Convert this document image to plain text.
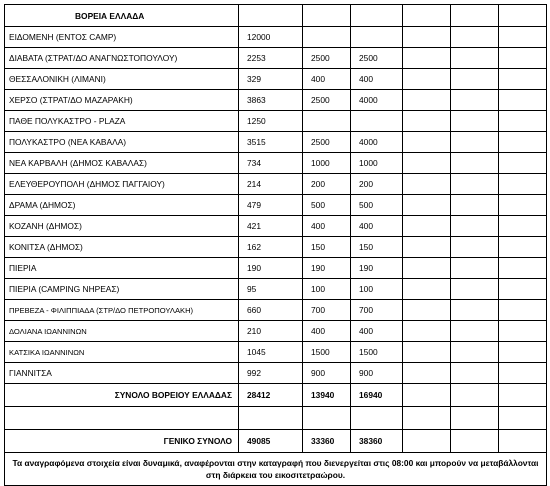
ΒΟΡΕΙΑ ΕΛΛΑΔΑ						
ΕΙΔΟΜΕΝΗ (ΕΝΤΟΣ CAMP)	12000					
ΔΙΑΒΑΤΑ (ΣΤΡΑΤ/ΔΟ ΑΝΑΓΝΩΣΤΟΠΟΥΛΟΥ)	2253	2500	2500			
ΘΕΣΣΑΛΟΝΙΚΗ (ΛΙΜΑΝΙ)	329	400	400			
ΧΕΡΣΟ (ΣΤΡΑΤ/ΔΟ ΜΑΖΑΡΑΚΗ)	3863	2500	4000			
ΠΑΘΕ ΠΟΛΥΚΑΣΤΡΟ - PLAZA	1250					
ΠΟΛΥΚΑΣΤΡΟ (ΝΕΑ ΚΑΒΑΛΑ)	3515	2500	4000			
ΝΕΑ ΚΑΡΒΑΛΗ (ΔΗΜΟΣ ΚΑΒΑΛΑΣ)	734	1000	1000			
ΕΛΕΥΘΕΡΟΥΠΟΛΗ (ΔΗΜΟΣ ΠΑΓΓΑΙΟΥ)	214	200	200			
ΔΡΑΜΑ (ΔΗΜΟΣ)	479	500	500			
ΚΟΖΑΝΗ (ΔΗΜΟΣ)	421	400	400			
ΚΟΝΙΤΣΑ (ΔΗΜΟΣ)	162	150	150			
ΠΙΕΡΙΑ	190	190	190			
ΠΙΕΡΙΑ (CAMPING ΝΗΡΕΑΣ)	95	100	100			
ΠΡΕΒΕΖΑ - ΦΙΛΙΠΠΙΑΔΑ (ΣΤΡ/ΔΟ ΠΕΤΡΟΠΟΥΛΑΚΗ)	660	700	700			
ΔΟΛΙΑΝΑ ΙΩΑΝΝΙΝΩΝ	210	400	400			
ΚΑΤΣΙΚΑ ΙΩΑΝΝΙΝΩΝ	1045	1500	1500			
ΓΙΑΝΝΙΤΣΑ	992	900	900			
ΣΥΝΟΛΟ ΒΟΡΕΙΟΥ ΕΛΛΑΔΑΣ	28412	13940	16940			

ΓΕΝΙΚΟ ΣΥΝΟΛΟ	49085	33360	38360			
Τα αναγραφόμενα στοιχεία είναι δυναμικά, αναφέρονται στην καταγραφή που διενεργείται στις 08:00 και μπορούν να μεταβάλλονται στη διάρκεια του εικοσιτετραώρου.						
